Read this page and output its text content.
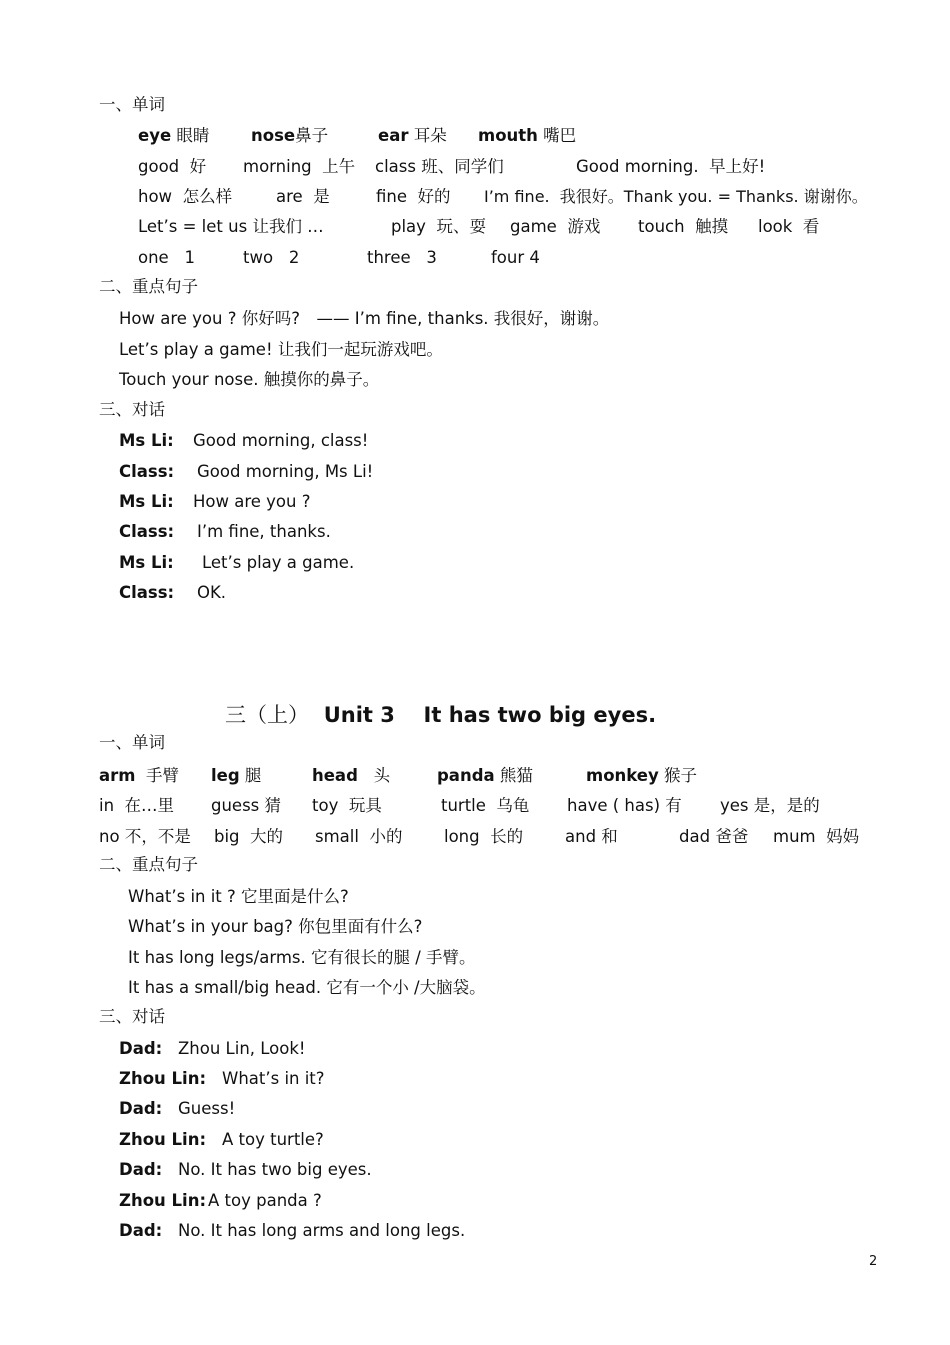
一、单词
eye 眼睛	nose鼻子	ear 耳朵 mouth 嘴巴
good 好 morning 上午 class 班、同学们	Good morning. 早上好!
how 怎么样	are 是	fine 好的 I’m fine. 我很好。Thank you. = Thanks. 谢谢你。
Let’s = let us 让我们 …	play 玩、耍 game 游戏 touch 触摸 look 看
one 1	two 2	three 3	four 4
二、重点句子
How are you ? 你好吗?　—— I’m fine, thanks. 我很好，谢谢。
Let’s play a game! 让我们一起玩游戏吧。
Touch your nose. 触摸你的鼻子。
三、对话
Ms Li: Good morning, class!
Class: Good morning, Ms Li!
Ms Li: How are you ?
Class: I’m fine, thanks.
Ms Li: Let’s play a game.
Class: OK.
三（上） Unit 3 It has two big eyes.
一、单词
arm 手臂 leg 腿	head 头	panda 熊猫	monkey 猴子
in 在…里 guess 猜 toy 玩具	turtle 乌龟 have ( has) 有 yes 是，是的
no 不，不是 big 大的 small 小的	long 长的	and 和	dad 爸爸 mum 妈妈
二、重点句子
What’s in it ? 它里面是什么?
What’s in your bag? 你包里面有什么?
It has long legs/arms. 它有很长的腿 / 手臂。
It has a small/big head. 它有一个小 /大脑袋。
三、对话
Dad: Zhou Lin, Look!
Zhou Lin: What’s in it?
Dad: Guess!
Zhou Lin: A toy turtle?
Dad: No. It has two big eyes.
Zhou Lin: A toy panda ?
Dad: No. It has long arms and long legs.
2
